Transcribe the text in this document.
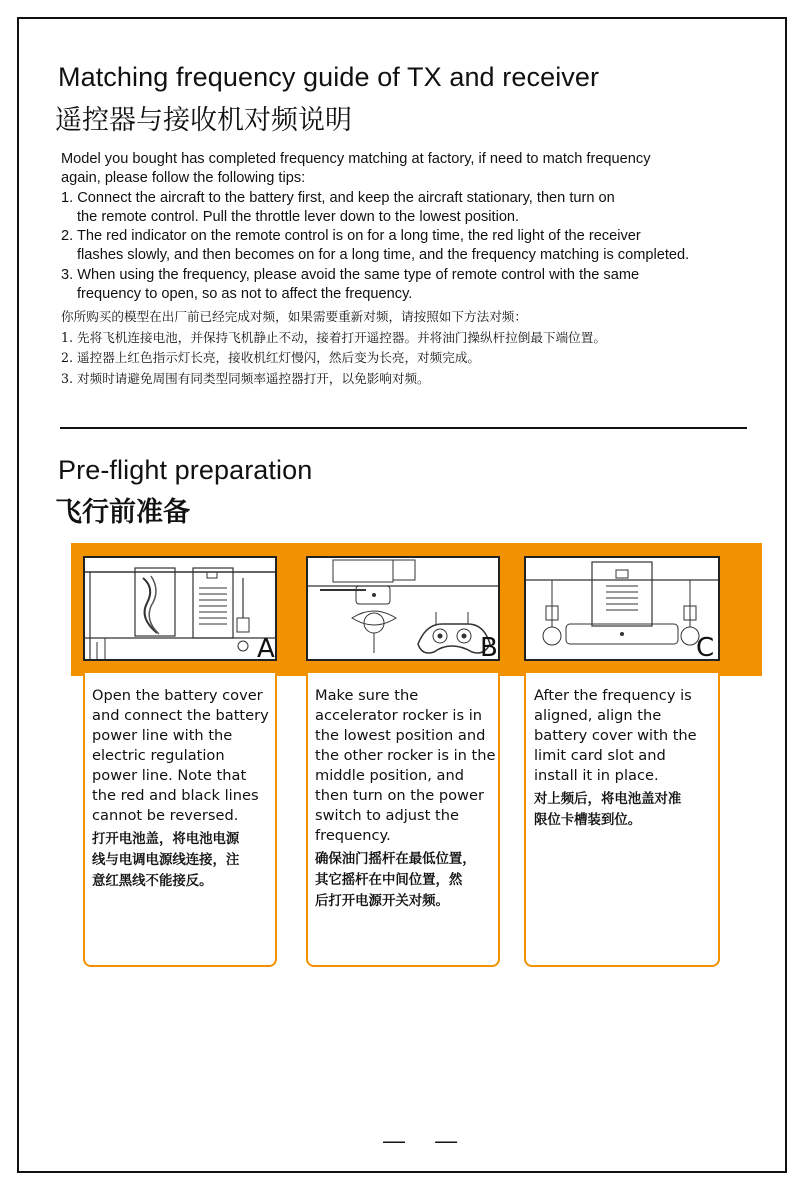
Matching frequency guide of TX and receiver
遥控器与接收机对频说明

Model you bought has completed frequency matching at factory, if need to match frequency

again, please follow the following tips:

1. Connect the aircraft to the battery first, and keep the aircraft stationary, then turn on

the remote control. Pull the throttle lever down to the lowest position.

2. The red indicator on the remote control is on for a long time, the red light of the receiver

flashes slowly, and then becomes on for a long time, and the frequency matching is completed.

3. When using the frequency, please avoid the same type of remote control with the same

frequency to open, so as not to affect the frequency.

你所购买的模型在出厂前已经完成对频，如果需要重新对频，请按照如下方法对频：

1. 先将飞机连接电池，并保持飞机静止不动，接着打开遥控器。并将油门操纵杆拉倒最下端位置。

2. 遥控器上红色指示灯长亮，接收机红灯慢闪，然后变为长亮，对频完成。

3. 对频时请避免周围有同类型同频率遥控器打开，以免影响对频。

Pre-flight preparation
飞行前准备
A	B	C
Open the battery cover
and connect the battery
power line with the
electric regulation
power line. Note that
the red and black lines
cannot be reversed.
打开电池盖，将电池电源
线与电调电源线连接，注
意红黑线不能接反。
Make sure the
accelerator rocker is in
the lowest position and
the other rocker is in the
middle position, and
then turn on the power
switch to adjust the
frequency.
确保油门摇杆在最低位置，
其它摇杆在中间位置，然
后打开电源开关对频。
After the frequency is
aligned, align the
battery cover with the
limit card slot and
install it in place.
对上频后，将电池盖对准
限位卡槽装到位。
— —
